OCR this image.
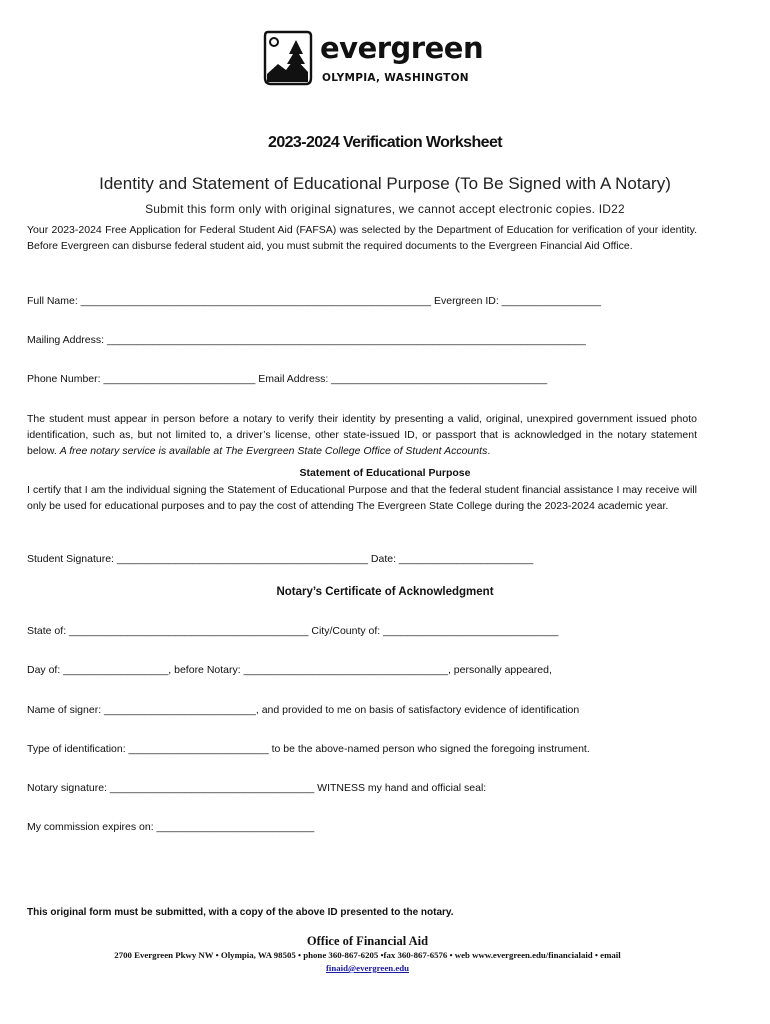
evergreen
OLYMPIA, WASHINGTON
2023-2024 Verification Worksheet
Identity and Statement of Educational Purpose (To Be Signed with A Notary)
Submit this form only with original signatures, we cannot accept electronic copies. ID22
Your 2023-2024 Free Application for Federal Student Aid (FAFSA) was selected by the Department of Education for verification of your identity. Before Evergreen can disburse federal student aid, you must submit the required documents to the Evergreen Financial Aid Office.
Full Name: ____________________________________________________________ Evergreen ID: _________________
Mailing Address: __________________________________________________________________________________
Phone Number: __________________________ Email Address: _____________________________________
The student must appear in person before a notary to verify their identity by presenting a valid, original, unexpired government issued photo identification, such as, but not limited to, a driver’s license, other state-issued ID, or passport that is acknowledged in the notary statement below. A free notary service is available at The Evergreen State College Office of Student Accounts.
Statement of Educational Purpose
I certify that I am the individual signing the Statement of Educational Purpose and that the federal student financial assistance I may receive will only be used for educational purposes and to pay the cost of attending The Evergreen State College during the 2023-2024 academic year.
Student Signature: ___________________________________________ Date: _______________________
Notary’s Certificate of Acknowledgment
State of: _________________________________________ City/County of: ______________________________
Day of: __________________, before Notary: ___________________________________, personally appeared,
Name of signer: __________________________, and provided to me on basis of satisfactory evidence of identification
Type of identification: ________________________ to be the above-named person who signed the foregoing instrument.
Notary signature: ___________________________________ WITNESS my hand and official seal:
My commission expires on: ___________________________
This original form must be submitted, with a copy of the above ID presented to the notary.
Office of Financial Aid
2700 Evergreen Pkwy NW • Olympia, WA 98505 • phone 360-867-6205 •fax 360-867-6576 • web www.evergreen.edu/financialaid • email
finaid@evergreen.edu
